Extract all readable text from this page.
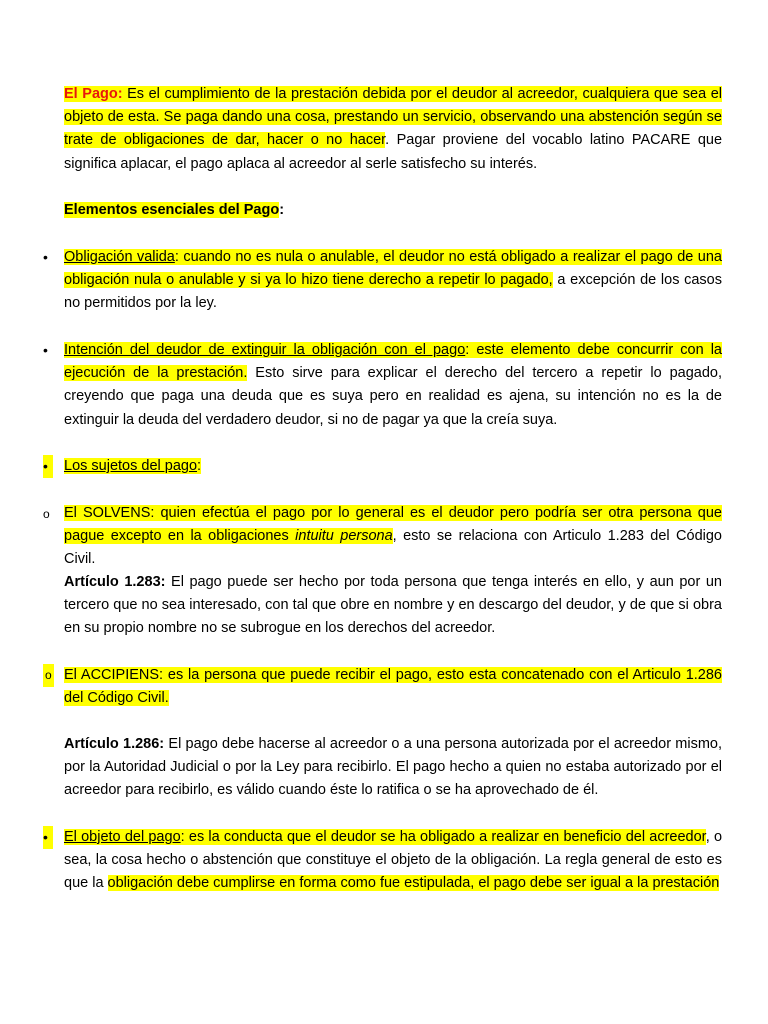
El Pago: Es el cumplimiento de la prestación debida por el deudor al acreedor, cualquiera que sea el objeto de esta. Se paga dando una cosa, prestando un servicio, observando una abstención según se trate de obligaciones de dar, hacer o no hacer. Pagar proviene del vocablo latino PACARE que significa aplacar, el pago aplaca al acreedor al serle satisfecho su interés.

Elementos esenciales del Pago:

•	Obligación valida: cuando no es nula o anulable, el deudor no está obligado a realizar el pago de una obligación nula o anulable y si ya lo hizo tiene derecho a repetir lo pagado, a excepción de los casos no permitidos por la ley.

•	Intención del deudor de extinguir la obligación con el pago: este elemento debe concurrir con la ejecución de la prestación. Esto sirve para explicar el derecho del tercero a repetir lo pagado, creyendo que paga una deuda que es suya pero en realidad es ajena, su intención no es la de extinguir la deuda del verdadero deudor, si no de pagar ya que la creía suya.

•	Los sujetos del pago:

o El SOLVENS: quien efectúa el pago por lo general es el deudor pero podría ser otra persona que pague excepto en la obligaciones intuitu persona, esto se relaciona con Articulo 1.283 del Código Civil.

Artículo 1.283: El pago puede ser hecho por toda persona que tenga interés en ello, y aun por un tercero que no sea interesado, con tal que obre en nombre y en descargo del deudor, y de que si obra en su propio nombre no se subrogue en los derechos del acreedor.

o El ACCIPIENS: es la persona que puede recibir el pago, esto esta concatenado con el Articulo 1.286 del Código Civil.

Artículo 1.286: El pago debe hacerse al acreedor o a una persona autorizada por el acreedor mismo, por la Autoridad Judicial o por la Ley para recibirlo. El pago hecho a quien no estaba autorizado por el acreedor para recibirlo, es válido cuando éste lo ratifica o se ha aprovechado de él.

•	El objeto del pago: es la conducta que el deudor se ha obligado a realizar en beneficio del acreedor, o sea, la cosa hecho o abstención que constituye el objeto de la obligación. La regla general de esto es que la obligación debe cumplirse en forma como fue estipulada, el pago debe ser igual a la prestación
